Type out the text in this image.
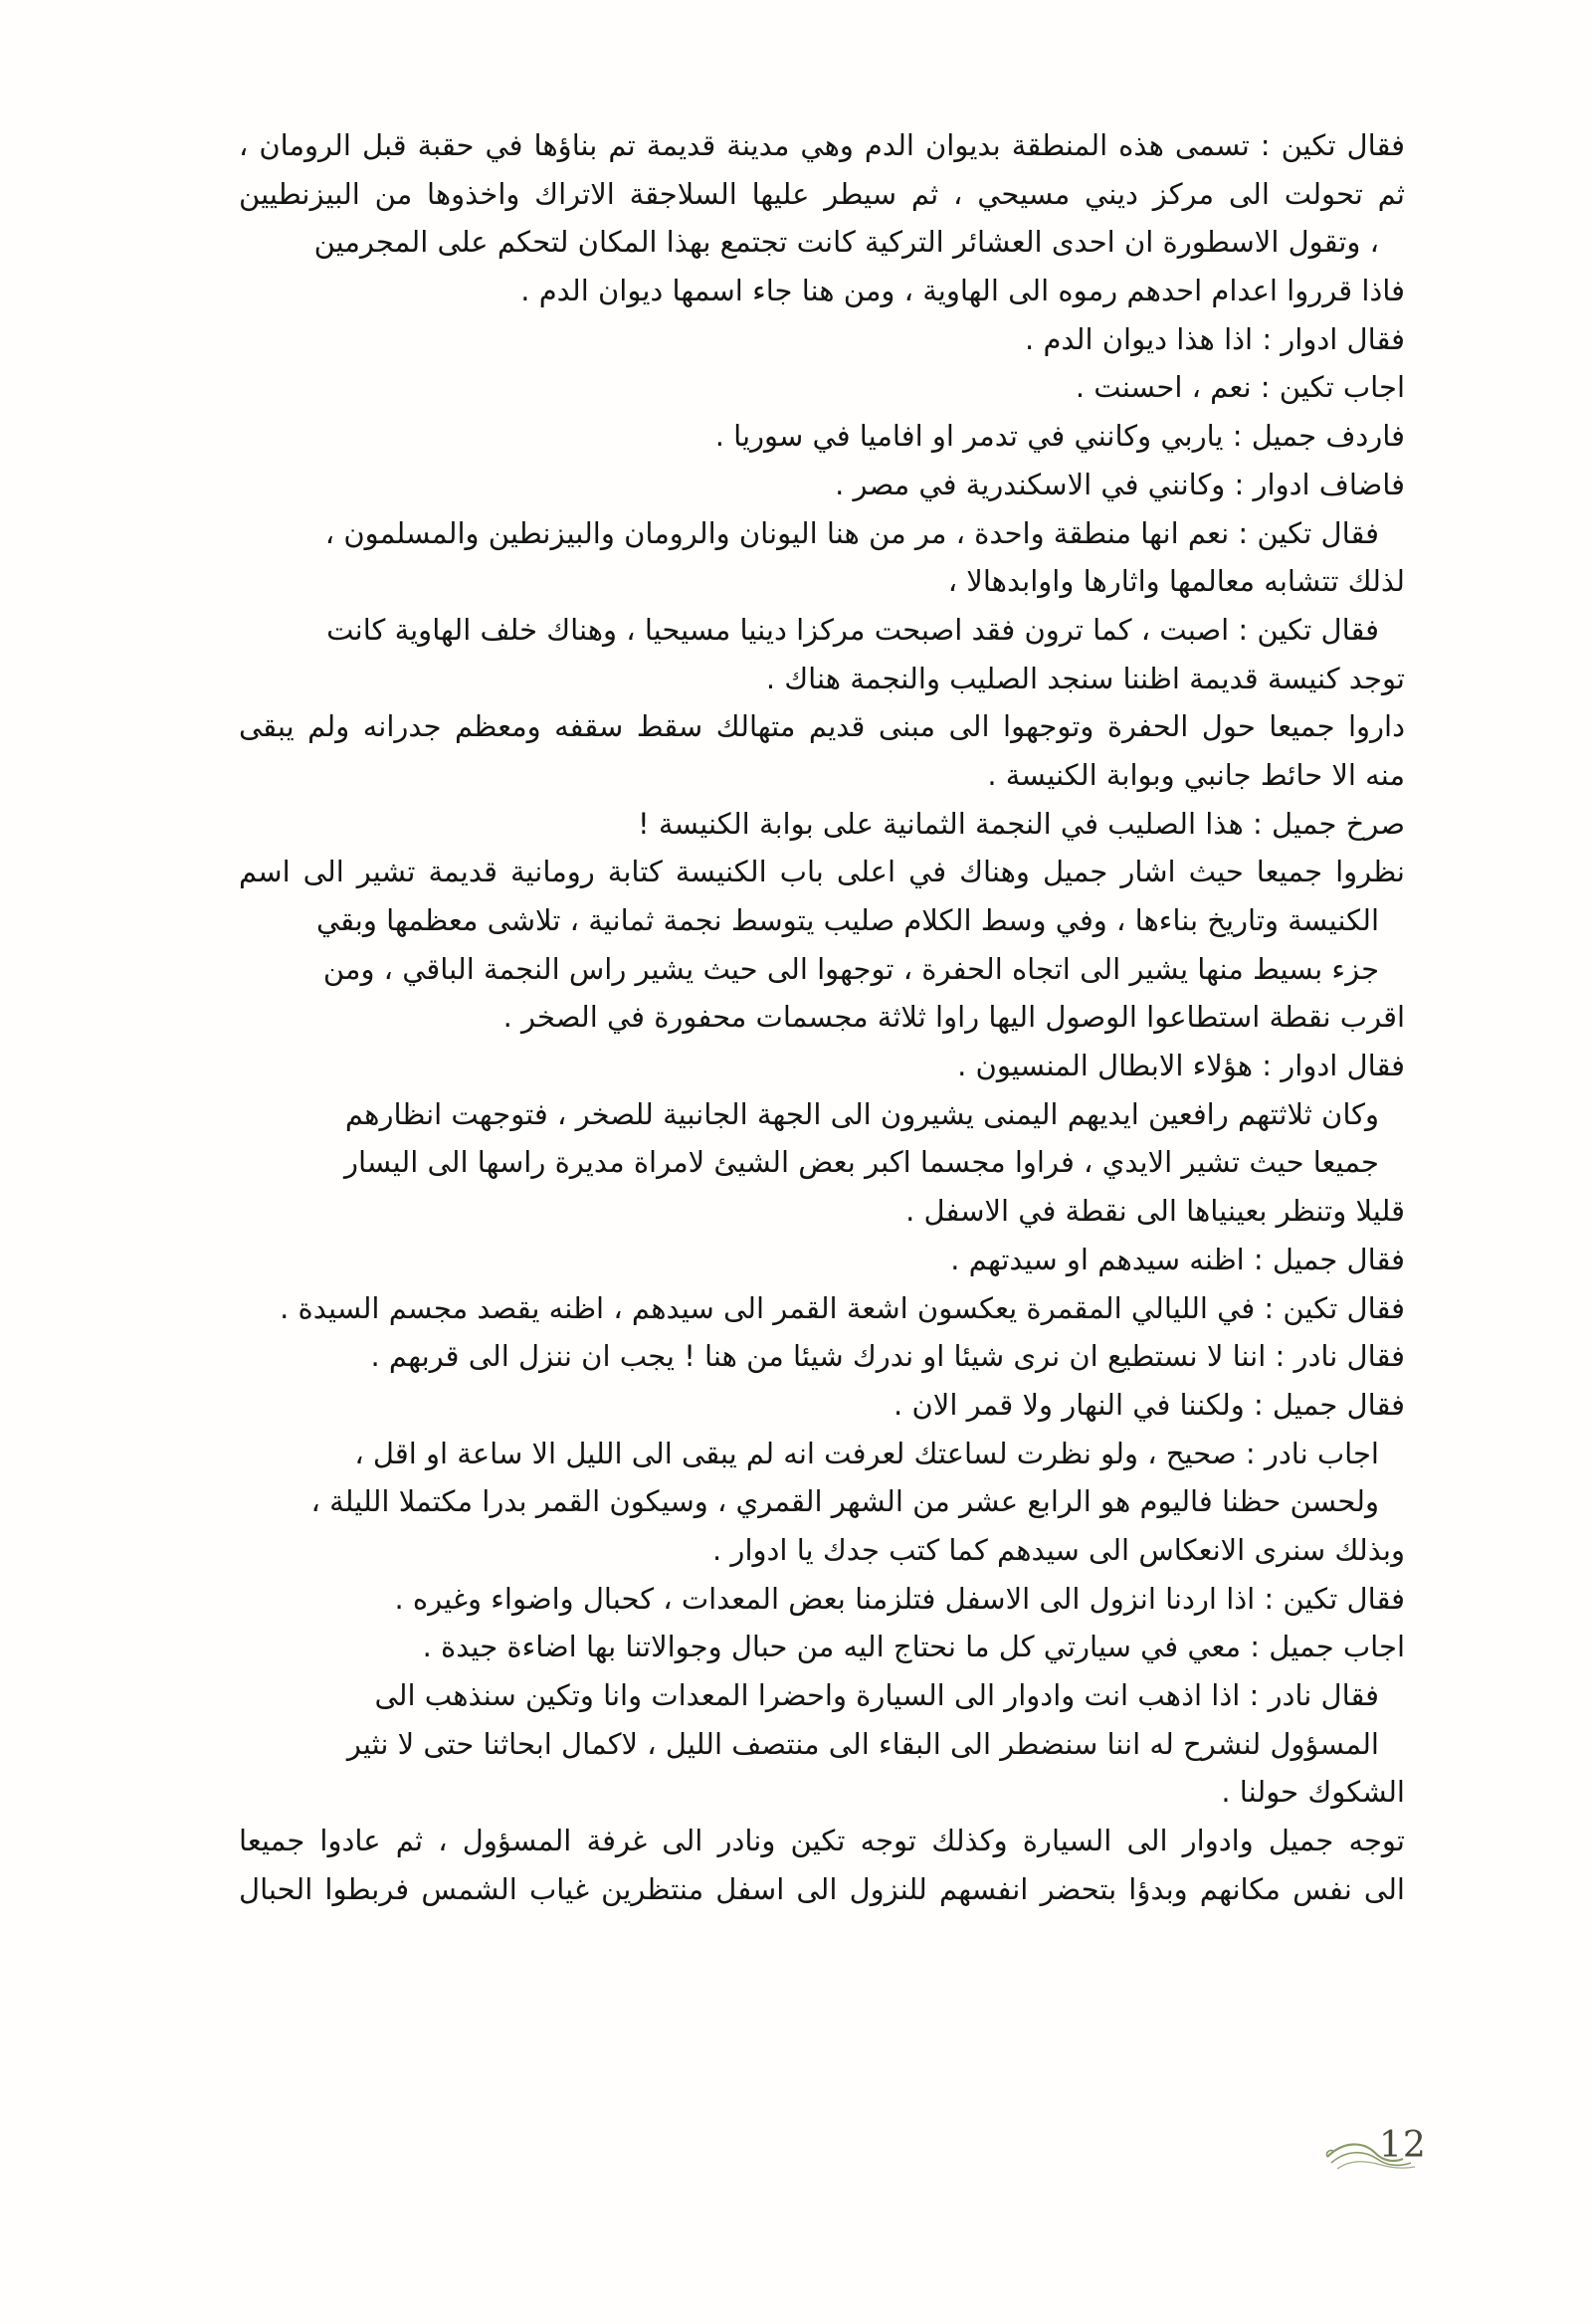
فقال تكين : تسمى هذه المنطقة بديوان الدم وهي مدينة قديمة تم بناؤها في حقبة قبل الرومان ،
ثم تحولت الى مركز ديني مسيحي ، ثم سيطر عليها السلاجقة الاتراك واخذوها من البيزنطيين
، وتقول الاسطورة ان احدى العشائر التركية كانت تجتمع بهذا المكان لتحكم على المجرمين
فاذا قرروا اعدام احدهم رموه الى الهاوية ، ومن هنا جاء اسمها ديوان الدم .
فقال ادوار : اذا هذا ديوان الدم .
اجاب تكين : نعم ، احسنت .
فاردف جميل : ياربي وكانني في تدمر او افاميا في سوريا .
فاضاف ادوار : وكانني في الاسكندرية في مصر .
فقال تكين : نعم انها منطقة واحدة ، مر من هنا اليونان والرومان والبيزنطين والمسلمون ،
لذلك تتشابه معالمها واثارها واوابدهالا ،
فقال تكين : اصبت ، كما ترون فقد اصبحت مركزا دينيا مسيحيا ، وهناك خلف الهاوية كانت
توجد كنيسة قديمة اظننا سنجد الصليب والنجمة هناك .
داروا جميعا حول الحفرة وتوجهوا الى مبنى قديم متهالك سقط سقفه ومعظم جدرانه ولم يبقى
منه الا حائط جانبي وبوابة الكنيسة .
صرخ جميل : هذا الصليب في النجمة الثمانية على بوابة الكنيسة !
نظروا جميعا حيث اشار جميل وهناك في اعلى باب الكنيسة كتابة رومانية قديمة تشير الى اسم
الكنيسة وتاريخ بناءها ، وفي وسط الكلام صليب يتوسط نجمة ثمانية ، تلاشى معظمها وبقي
جزء بسيط منها يشير الى اتجاه الحفرة ، توجهوا الى حيث يشير راس النجمة الباقي ، ومن
اقرب نقطة استطاعوا الوصول اليها راوا ثلاثة مجسمات محفورة في الصخر .
فقال ادوار : هؤلاء الابطال المنسيون .
وكان ثلاثتهم رافعين ايديهم اليمنى يشيرون الى الجهة الجانبية للصخر ، فتوجهت انظارهم
جميعا حيث تشير الايدي ، فراوا مجسما اكبر بعض الشيئ لامراة مديرة راسها الى اليسار
قليلا وتنظر بعينياها الى نقطة في الاسفل .
فقال جميل : اظنه سيدهم او سيدتهم .
فقال تكين : في الليالي المقمرة يعكسون اشعة القمر الى سيدهم ، اظنه يقصد مجسم السيدة .
فقال نادر : اننا لا نستطيع ان نرى شيئا او ندرك شيئا من هنا ! يجب ان ننزل الى قربهم .
فقال جميل : ولكننا في النهار ولا قمر الان .
اجاب نادر : صحيح ، ولو نظرت لساعتك لعرفت انه لم يبقى الى الليل الا ساعة او اقل ،
ولحسن حظنا فاليوم هو الرابع عشر من الشهر القمري ، وسيكون القمر بدرا مكتملا الليلة ،
وبذلك سنرى الانعكاس الى سيدهم كما كتب جدك يا ادوار .
فقال تكين : اذا اردنا انزول الى الاسفل فتلزمنا بعض المعدات ، كحبال واضواء وغيره .
اجاب جميل : معي في سيارتي كل ما نحتاج اليه من حبال وجوالاتنا بها اضاءة جيدة .
فقال نادر : اذا اذهب انت وادوار الى السيارة واحضرا المعدات وانا وتكين سنذهب الى
المسؤول لنشرح له اننا سنضطر الى البقاء الى منتصف الليل ، لاكمال ابحاثنا حتى لا نثير
الشكوك حولنا .
توجه جميل وادوار الى السيارة وكذلك توجه تكين ونادر الى غرفة المسؤول ، ثم عادوا جميعا
الى نفس مكانهم وبدؤا بتحضر انفسهم للنزول الى اسفل منتظرين غياب الشمس فربطوا الحبال
12
